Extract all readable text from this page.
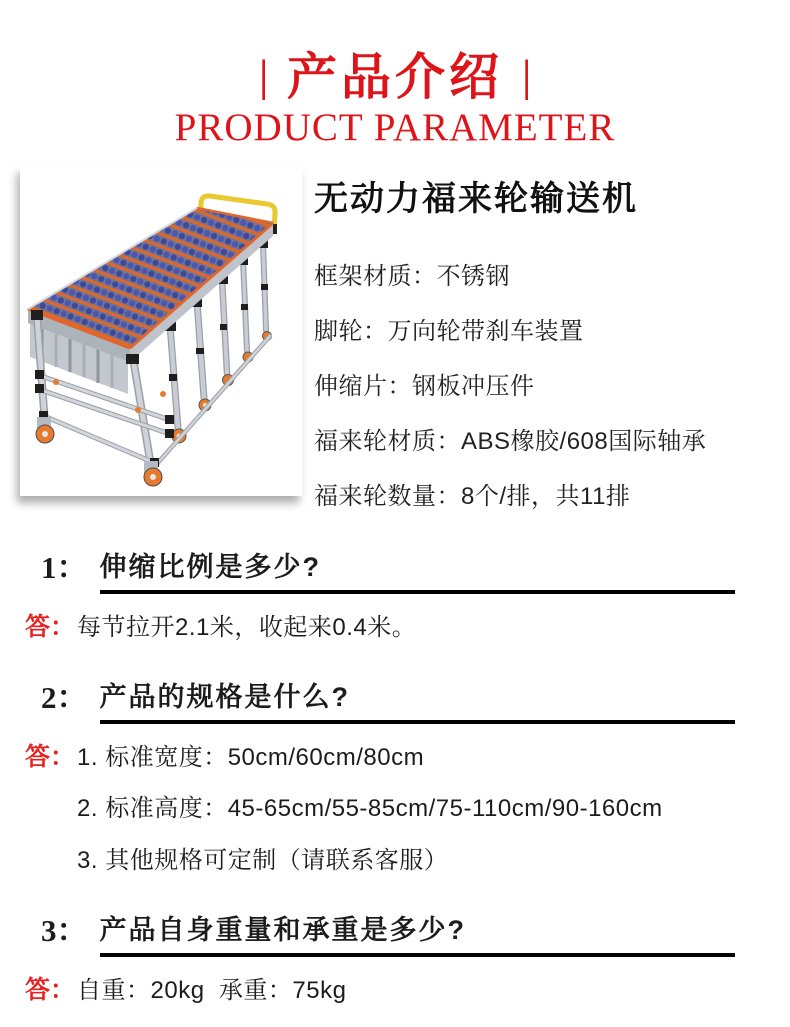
| 产品介绍 |
PRODUCT PARAMETER
无动力福来轮输送机
框架材质：不锈钢
脚轮：万向轮带刹车装置
伸缩片：钢板冲压件
福来轮材质：ABS橡胶/608国际轴承
福来轮数量：8个/排，共11排
1： 伸缩比例是多少?
答： 每节拉开2.1米，收起来0.4米。
2： 产品的规格是什么?
答： 1. 标准宽度：50cm/60cm/80cm
2. 标准高度：45-65cm/55-85cm/75-110cm/90-160cm
3. 其他规格可定制（请联系客服）
3： 产品自身重量和承重是多少?
答： 自重：20kg  承重：75kg
